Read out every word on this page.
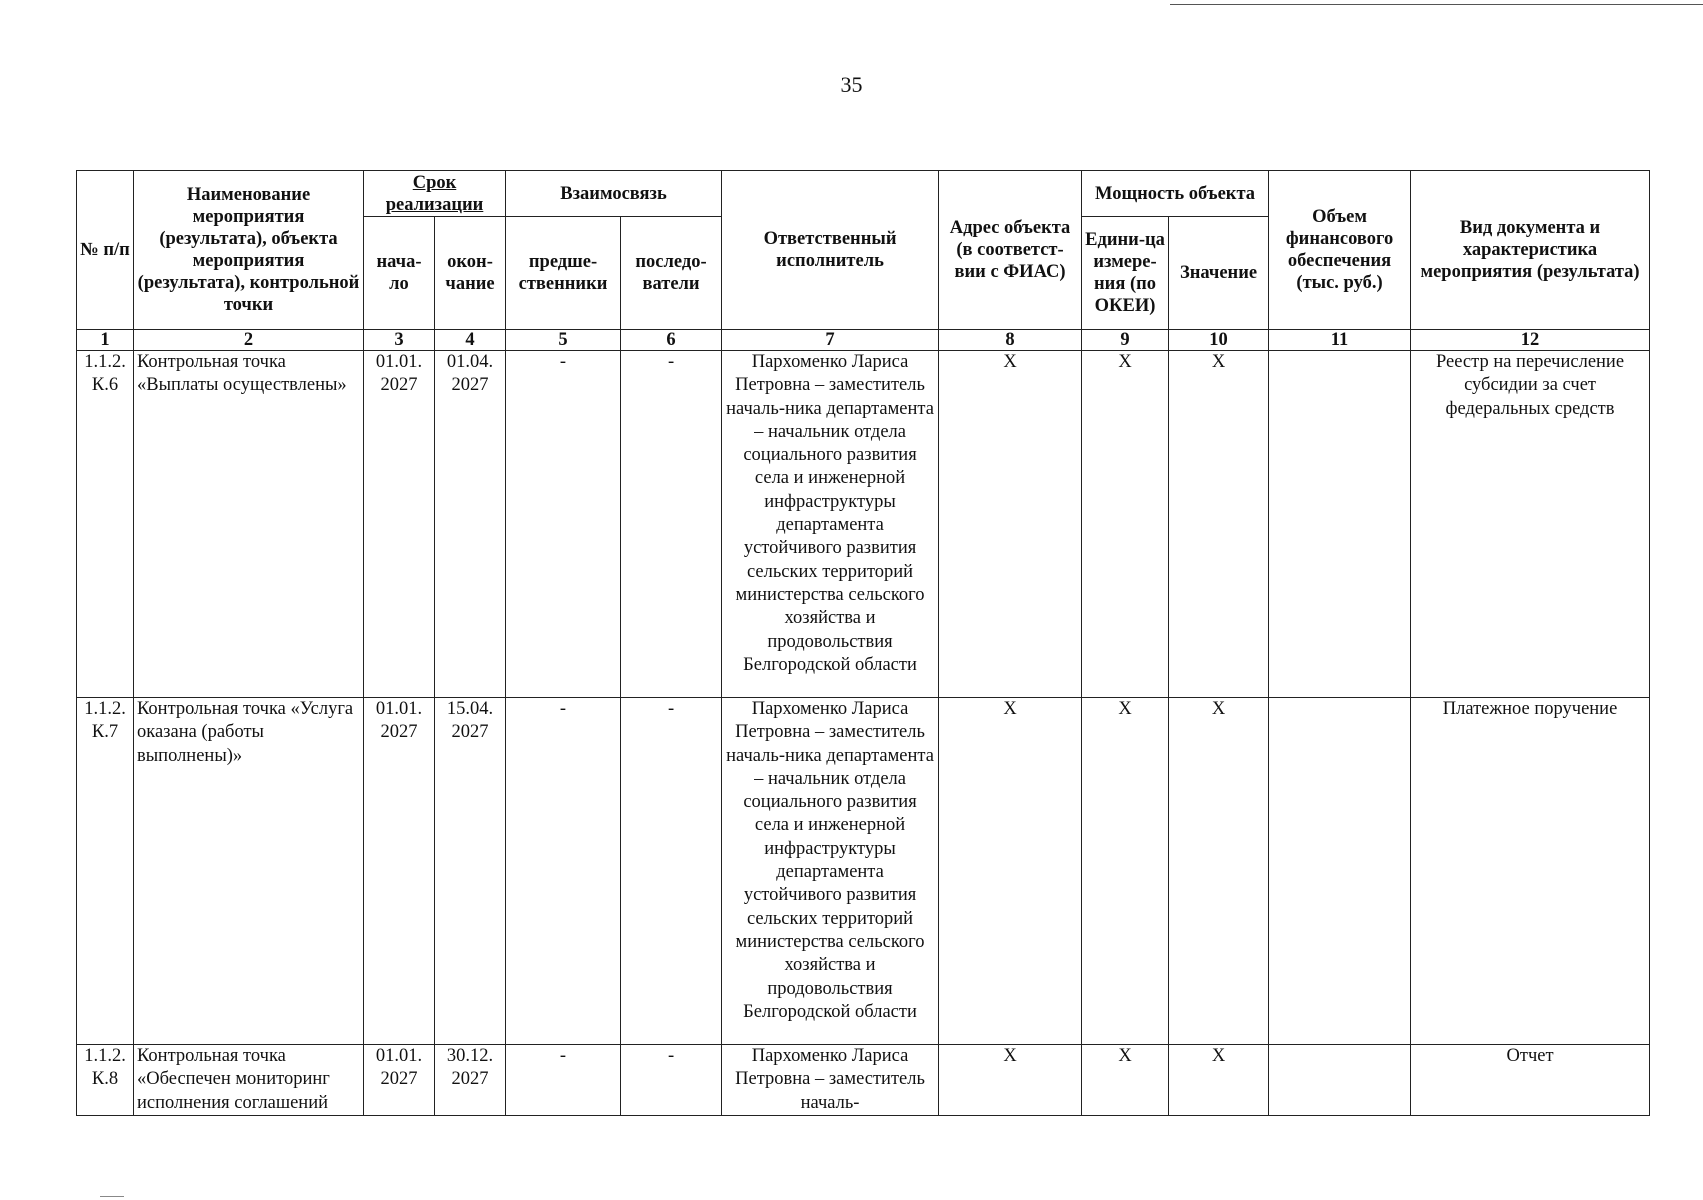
35
№ п/п	Наименование мероприятия (результата), объекта мероприятия (результата), контрольной точки	Срок реализации		Взаимосвязь		Ответственный исполнитель	Адрес объекта (в соответст-вии с ФИАС)	Мощность объекта		Объем финансового обеспечения (тыс. руб.)	Вид документа и характеристика мероприятия (результата)
		нача-ло	окон-чание	предше-ственники	последо-ватели			Едини-ца измере-ния (по ОКЕИ)	Значение		
1	2	3	4	5	6	7	8	9	10	11	12
1.1.2. К.6	Контрольная точка «Выплаты осуществлены»	01.01. 2027	01.04. 2027	-	-	Пархоменко Лариса Петровна – заместитель началь-ника департамента – начальник отдела социального развития села и инженерной инфраструктуры департамента устойчивого развития сельских территорий министерства сельского хозяйства и продовольствия Белгородской области	X	X	X		Реестр на перечисление субсидии за счет федеральных средств
1.1.2. К.7	Контрольная точка «Услуга оказана (работы выполнены)»	01.01. 2027	15.04. 2027	-	-	Пархоменко Лариса Петровна – заместитель началь-ника департамента – начальник отдела социального развития села и инженерной инфраструктуры департамента устойчивого развития сельских территорий министерства сельского хозяйства и продовольствия Белгородской области	X	X	X		Платежное поручение
1.1.2. К.8	Контрольная точка «Обеспечен мониторинг исполнения соглашений	01.01. 2027	30.12. 2027	-	-	Пархоменко Лариса Петровна – заместитель началь-	X	X	X		Отчет
